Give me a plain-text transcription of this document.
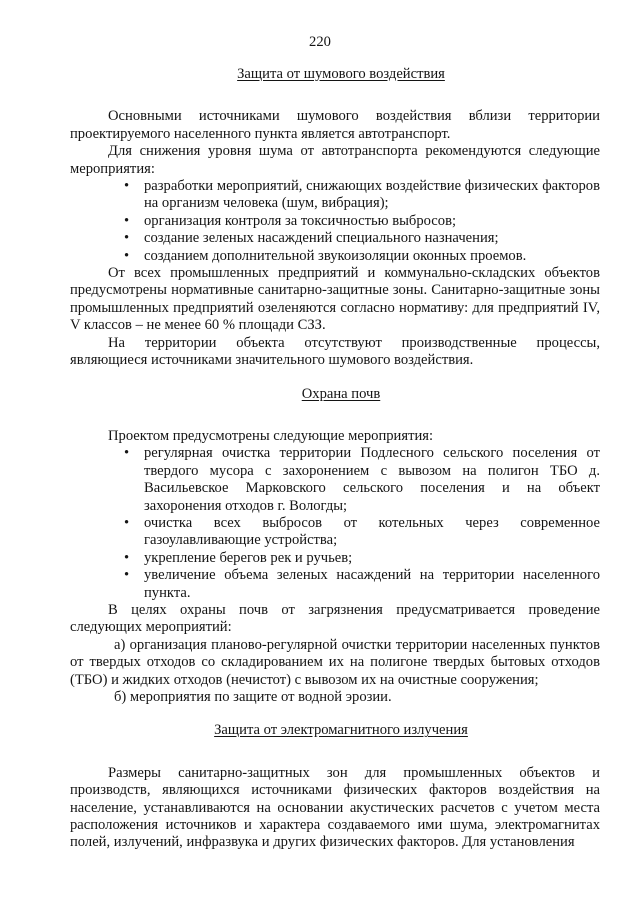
220
Защита от шумового воздействия

Основными источниками шумового воздействия вблизи территории проектируемого населенного пункта является автотранспорт.

Для снижения уровня шума от автотранспорта рекомендуются следующие мероприятия:

• разработки мероприятий, снижающих воздействие физических факторов на организм человека (шум, вибрация);
• организация контроля за токсичностью выбросов;
• создание зеленых насаждений специального назначения;
• созданием дополнительной звукоизоляции оконных проемов.

От всех промышленных предприятий и коммунально-складских объектов предусмотрены нормативные санитарно-защитные зоны. Санитарно-защитные зоны промышленных предприятий озеленяются согласно нормативу: для предприятий IV, V классов – не менее 60 % площади СЗЗ.

На территории объекта отсутствуют производственные процессы, являющиеся источниками значительного шумового воздействия.

Охрана почв

Проектом предусмотрены следующие мероприятия:

• регулярная очистка территории Подлесного сельского поселения от твердого мусора с захоронением с вывозом на полигон ТБО д. Васильевское Марковского сельского поселения и на объект захоронения отходов г. Вологды;
• очистка всех выбросов от котельных через современное газоулавливающие устройства;
• укрепление берегов рек и ручьев;
• увеличение объема зеленых насаждений на территории населенного пункта.

В целях охраны почв от загрязнения предусматривается проведение следующих мероприятий:

а) организация планово-регулярной очистки территории населенных пунктов от твердых отходов со складированием их на полигоне твердых бытовых отходов (ТБО) и жидких отходов (нечистот) с вывозом их на очистные сооружения;

б) мероприятия по защите от водной эрозии.

Защита от электромагнитного излучения

Размеры санитарно-защитных зон для промышленных объектов и производств, являющихся источниками физических факторов воздействия на население, устанавливаются на основании акустических расчетов с учетом места расположения источников и характера создаваемого ими шума, электромагнитах полей, излучений, инфразвука и других физических факторов. Для установления
